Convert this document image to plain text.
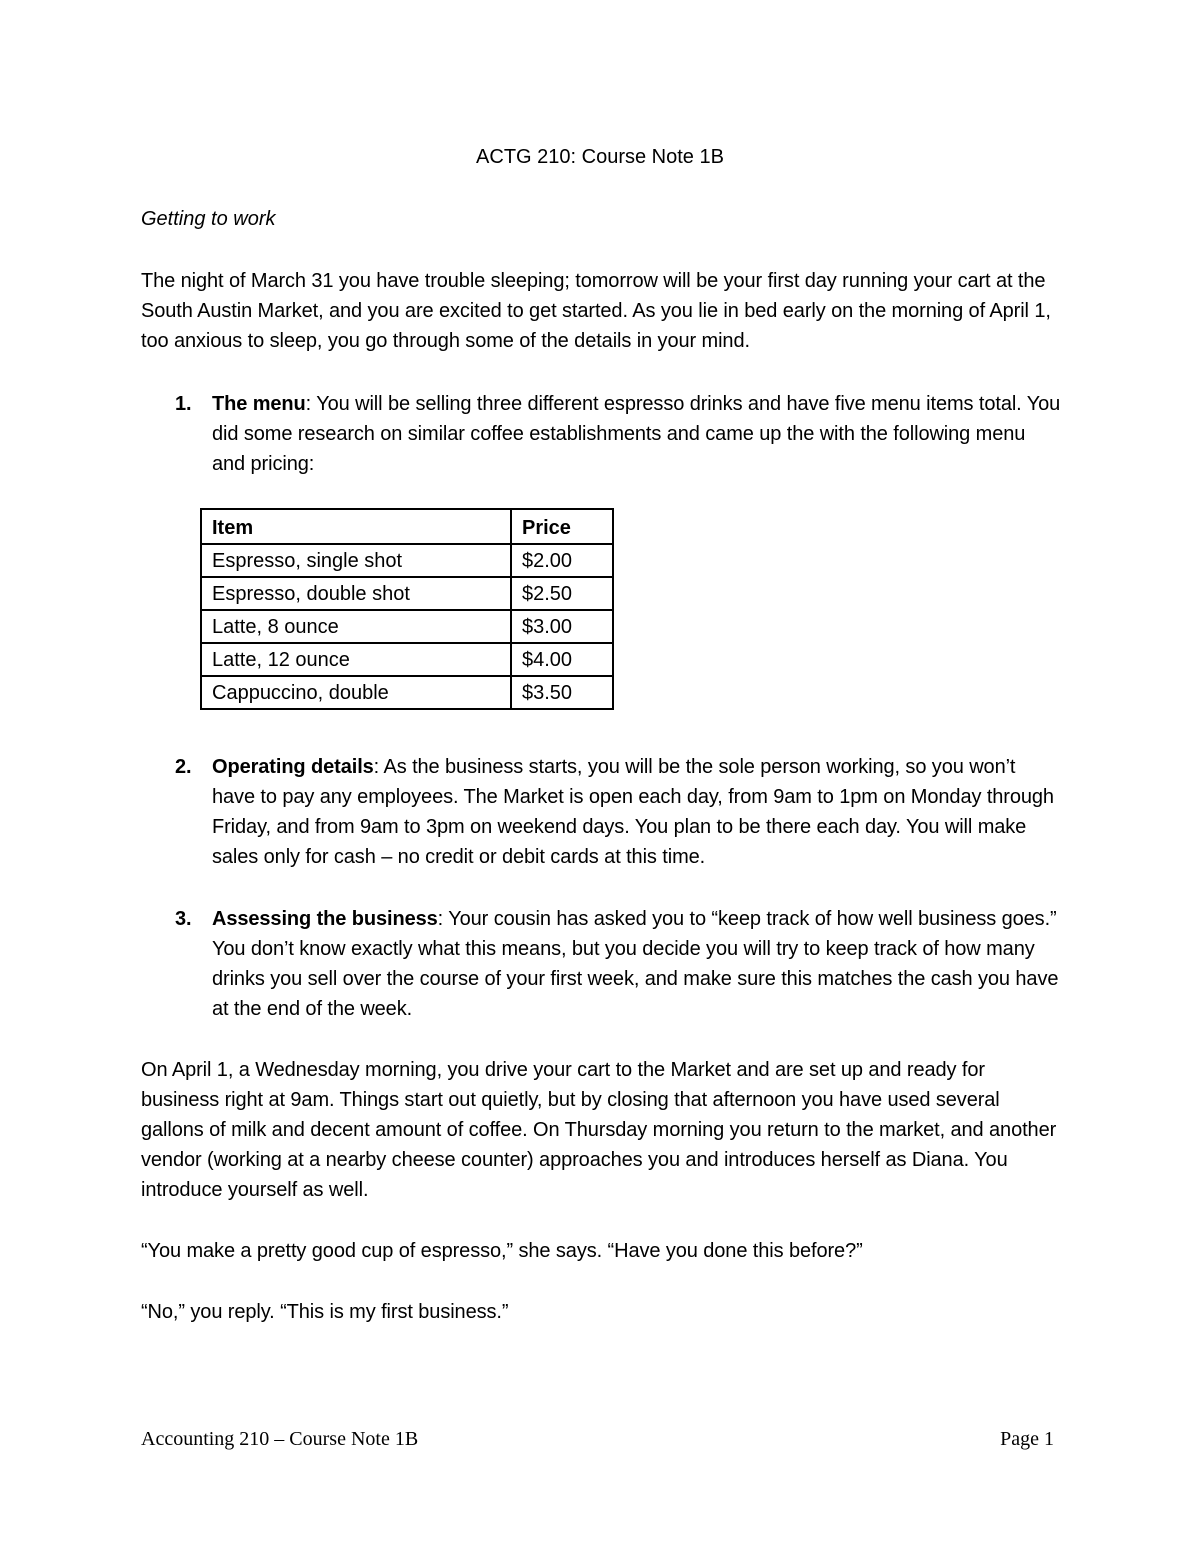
ACTG 210: Course Note 1B
Getting to work
The night of March 31 you have trouble sleeping; tomorrow will be your first day running your cart at the South Austin Market, and you are excited to get started. As you lie in bed early on the morning of April 1, too anxious to sleep, you go through some of the details in your mind.
1. The menu: You will be selling three different espresso drinks and have five menu items total. You did some research on similar coffee establishments and came up the with the following menu and pricing:
Item	Price
Espresso, single shot	$2.00
Espresso, double shot	$2.50
Latte, 8 ounce	$3.00
Latte, 12 ounce	$4.00
Cappuccino, double	$3.50
2. Operating details: As the business starts, you will be the sole person working, so you won’t have to pay any employees. The Market is open each day, from 9am to 1pm on Monday through Friday, and from 9am to 3pm on weekend days. You plan to be there each day. You will make sales only for cash – no credit or debit cards at this time.
3. Assessing the business: Your cousin has asked you to “keep track of how well business goes.” You don’t know exactly what this means, but you decide you will try to keep track of how many drinks you sell over the course of your first week, and make sure this matches the cash you have at the end of the week.
On April 1, a Wednesday morning, you drive your cart to the Market and are set up and ready for business right at 9am. Things start out quietly, but by closing that afternoon you have used several gallons of milk and decent amount of coffee. On Thursday morning you return to the market, and another vendor (working at a nearby cheese counter) approaches you and introduces herself as Diana. You introduce yourself as well.
“You make a pretty good cup of espresso,” she says. “Have you done this before?”
“No,” you reply. “This is my first business.”
Accounting 210 – Course Note 1B	Page 1
